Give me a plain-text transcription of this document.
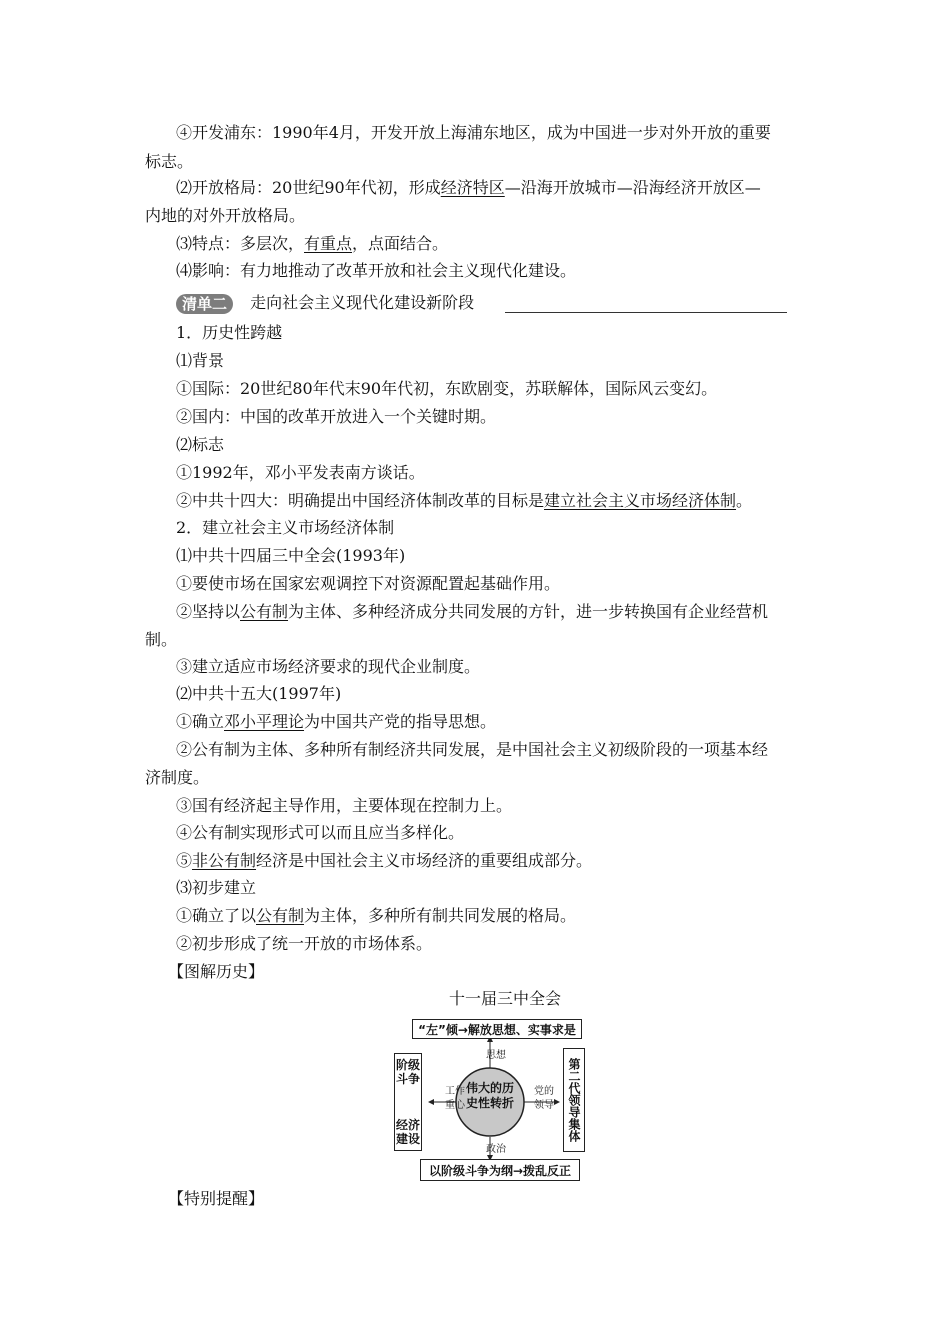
④开发浦东：1990年4月，开发开放上海浦东地区，成为中国进一步对外开放的重要
标志。
⑵开放格局：20世纪90年代初，形成经济特区—沿海开放城市—沿海经济开放区—
内地的对外开放格局。
⑶特点：多层次，有重点，点面结合。
⑷影响：有力地推动了改革开放和社会主义现代化建设。
清单二 走向社会主义现代化建设新阶段
1．历史性跨越
⑴背景
①国际：20世纪80年代末90年代初，东欧剧变，苏联解体，国际风云变幻。
②国内：中国的改革开放进入一个关键时期。
⑵标志
①1992年，邓小平发表南方谈话。
②中共十四大：明确提出中国经济体制改革的目标是建立社会主义市场经济体制。
2．建立社会主义市场经济体制
⑴中共十四届三中全会(1993年)
①要使市场在国家宏观调控下对资源配置起基础作用。
②坚持以公有制为主体、多种经济成分共同发展的方针，进一步转换国有企业经营机
制。
③建立适应市场经济要求的现代企业制度。
⑵中共十五大(1997年)
①确立邓小平理论为中国共产党的指导思想。
②公有制为主体、多种所有制经济共同发展，是中国社会主义初级阶段的一项基本经
济制度。
③国有经济起主导作用，主要体现在控制力上。
④公有制实现形式可以而且应当多样化。
⑤非公有制经济是中国社会主义市场经济的重要组成部分。
⑶初步建立
①确立了以公有制为主体，多种所有制共同发展的格局。
②初步形成了统一开放的市场体系。
【图解历史】
十一届三中全会
“左”倾→解放思想、实事求是
以阶级斗争为纲→拨乱反正
阶级斗争
经济建设	第二代领导集体
伟大的历史性转折
思想
政治
工作重心
党的领导
【特别提醒】
